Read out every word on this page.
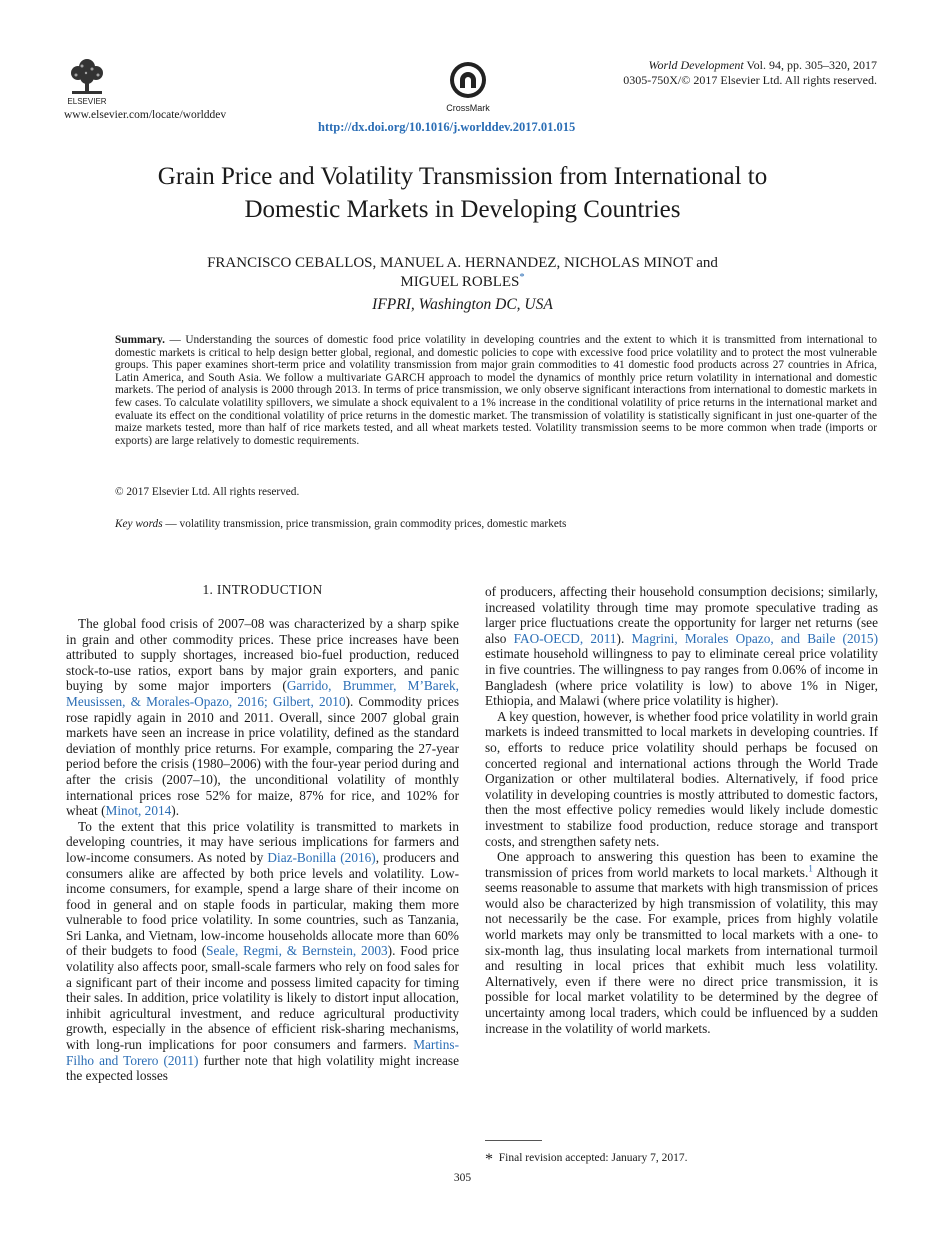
ELSEVIER
www.elsevier.com/locate/worlddev
CrossMark
http://dx.doi.org/10.1016/j.worlddev.2017.01.015
World Development Vol. 94, pp. 305–320, 2017
0305-750X/© 2017 Elsevier Ltd. All rights reserved.
Grain Price and Volatility Transmission from International to
Domestic Markets in Developing Countries
FRANCISCO CEBALLOS, MANUEL A. HERNANDEZ, NICHOLAS MINOT and
MIGUEL ROBLES*
IFPRI, Washington DC, USA
Summary. — Understanding the sources of domestic food price volatility in developing countries and the extent to which it is transmitted from international to domestic markets is critical to help design better global, regional, and domestic policies to cope with excessive food price volatility and to protect the most vulnerable groups. This paper examines short-term price and volatility transmission from major grain commodities to 41 domestic food products across 27 countries in Africa, Latin America, and South Asia. We follow a multivariate GARCH approach to model the dynamics of monthly price return volatility in international and domestic markets. The period of analysis is 2000 through 2013. In terms of price transmission, we only observe significant interactions from international to domestic markets in few cases. To calculate volatility spillovers, we simulate a shock equivalent to a 1% increase in the conditional volatility of price returns in the international market and evaluate its effect on the conditional volatility of price returns in the domestic market. The transmission of volatility is statistically significant in just one-quarter of the maize markets tested, more than half of rice markets tested, and all wheat markets tested. Volatility transmission seems to be more common when trade (imports or exports) are large relatively to domestic requirements.
© 2017 Elsevier Ltd. All rights reserved.
Key words — volatility transmission, price transmission, grain commodity prices, domestic markets
1. INTRODUCTION

The global food crisis of 2007–08 was characterized by a sharp spike in grain and other commodity prices. These price increases have been attributed to supply shortages, increased bio-fuel production, reduced stock-to-use ratios, export bans by major grain exporters, and panic buying by some major importers (Garrido, Brummer, M’Barek, Meusissen, & Morales-Opazo, 2016; Gilbert, 2010). Commodity prices rose rapidly again in 2010 and 2011. Overall, since 2007 global grain markets have seen an increase in price volatility, defined as the standard deviation of monthly price returns. For example, comparing the 27-year period before the crisis (1980–2006) with the four-year period during and after the crisis (2007–10), the unconditional volatility of monthly international prices rose 52% for maize, 87% for rice, and 102% for wheat (Minot, 2014).

To the extent that this price volatility is transmitted to markets in developing countries, it may have serious implications for farmers and low-income consumers. As noted by Diaz-Bonilla (2016), producers and consumers alike are affected by both price levels and volatility. Low-income consumers, for example, spend a large share of their income on food in general and on staple foods in particular, making them more vulnerable to food price volatility. In some countries, such as Tanzania, Sri Lanka, and Vietnam, low-income households allocate more than 60% of their budgets to food (Seale, Regmi, & Bernstein, 2003). Food price volatility also affects poor, small-scale farmers who rely on food sales for a significant part of their income and possess limited capacity for timing their sales. In addition, price volatility is likely to distort input allocation, inhibit agricultural investment, and reduce agricultural productivity growth, especially in the absence of efficient risk-sharing mechanisms, with long-run implications for poor consumers and farmers. Martins-Filho and Torero (2011) further note that high volatility might increase the expected losses

of producers, affecting their household consumption decisions; similarly, increased volatility through time may promote speculative trading as larger price fluctuations create the opportunity for larger net returns (see also FAO-OECD, 2011). Magrini, Morales Opazo, and Baile (2015) estimate household willingness to pay to eliminate cereal price volatility in five countries. The willingness to pay ranges from 0.06% of income in Bangladesh (where price volatility is low) to above 1% in Niger, Ethiopia, and Malawi (where price volatility is higher).

A key question, however, is whether food price volatility in world grain markets is indeed transmitted to local markets in developing countries. If so, efforts to reduce price volatility should perhaps be focused on concerted regional and international actions through the World Trade Organization or other multilateral bodies. Alternatively, if food price volatility in developing countries is mostly attributed to domestic factors, then the most effective policy remedies would likely include domestic investment to stabilize food production, reduce storage and transport costs, and strengthen safety nets.

One approach to answering this question has been to examine the transmission of prices from world markets to local markets.$^1$ Although it seems reasonable to assume that markets with high transmission of prices would also be characterized by high transmission of volatility, this may not necessarily be the case. For example, prices from highly volatile world markets may only be transmitted to local markets with a one- to six-month lag, thus insulating local markets from international turmoil and resulting in local prices that exhibit much less volatility. Alternatively, even if there were no direct price transmission, it is possible for local market volatility to be determined by the degree of uncertainty among local traders, which could be influenced by a sudden increase in the volatility of world markets.

* Final revision accepted: January 7, 2017.
305
